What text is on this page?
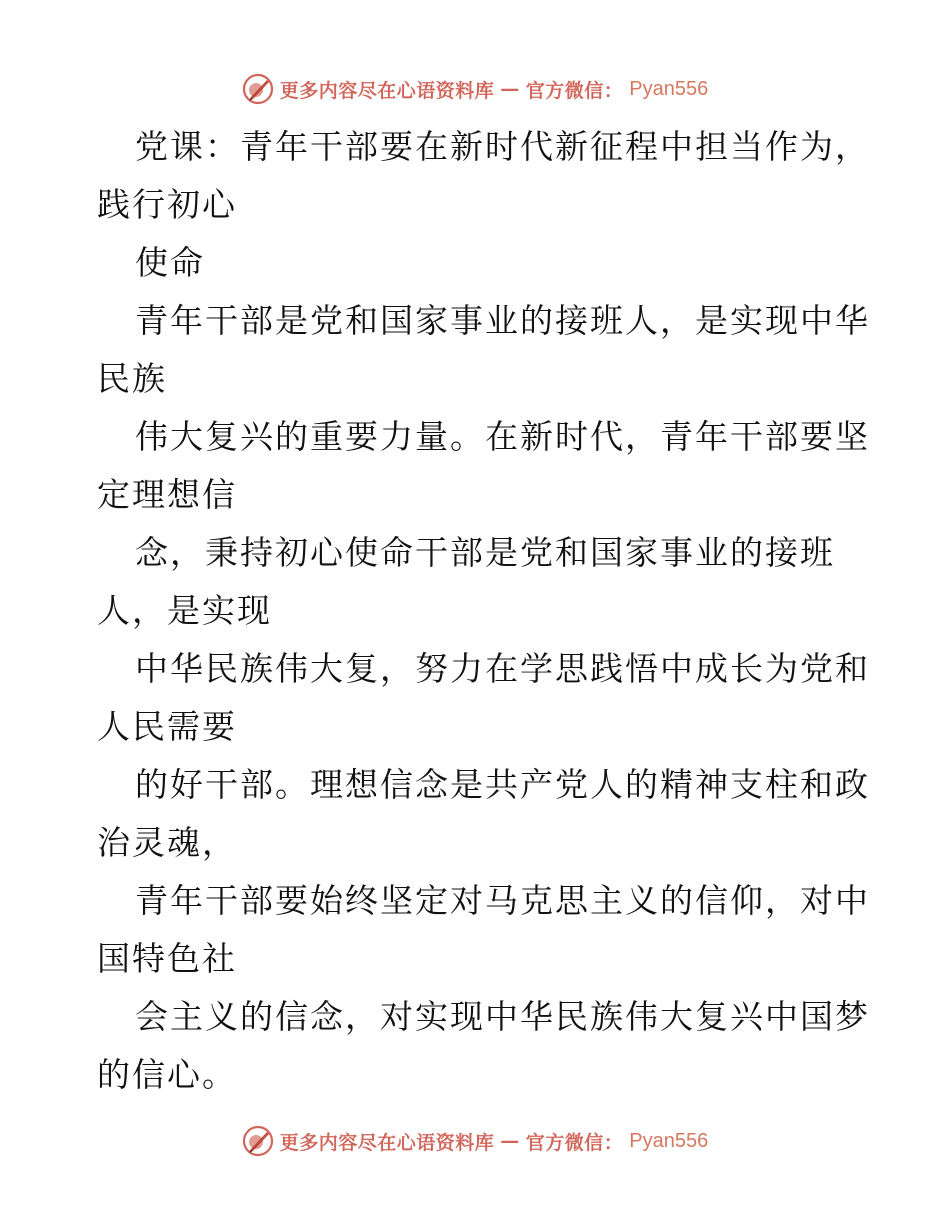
更多内容尽在心语资料库 — 官方微信： Pyan556
党课：青年干部要在新时代新征程中担当作为，
践行初心
使命
青年干部是党和国家事业的接班人，是实现中华
民族
伟大复兴的重要力量。在新时代，青年干部要坚
定理想信
念，秉持初心使命干部是党和国家事业的接班
人，是实现
中华民族伟大复，努力在学思践悟中成长为党和
人民需要
的好干部。理想信念是共产党人的精神支柱和政
治灵魂，
青年干部要始终坚定对马克思主义的信仰，对中
国特色社
会主义的信念，对实现中华民族伟大复兴中国梦
的信心。
更多内容尽在心语资料库 — 官方微信： Pyan556
